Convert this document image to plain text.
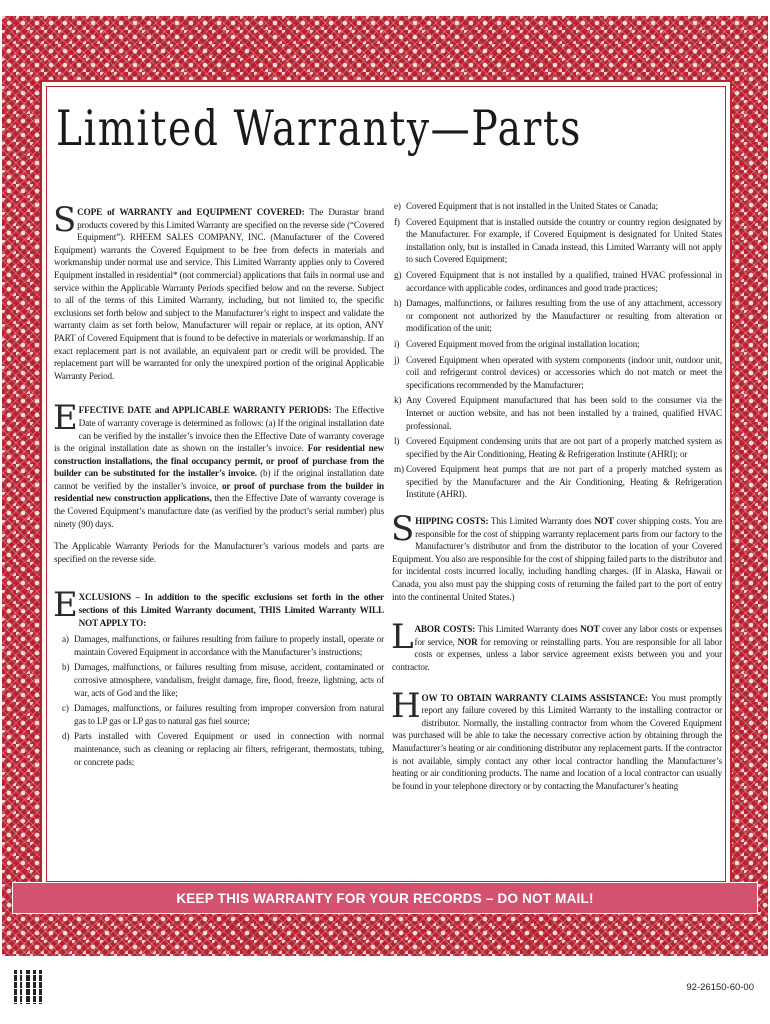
Limited Warranty—Parts
SCOPE of WARRANTY and EQUIPMENT COVERED: The Durastar brand products covered by this Limited Warranty are specified on the reverse side (“Covered Equipment”). RHEEM SALES COMPANY, INC. (Manufacturer of the Covered Equipment) warrants the Covered Equipment to be free from defects in materials and workmanship under normal use and service. This Limited Warranty applies only to Covered Equipment installed in residential* (not commercial) applications that fails in normal use and service within the Applicable Warranty Periods specified below and on the reverse. Subject to all of the terms of this Limited Warranty, including, but not limited to, the specific exclusions set forth below and subject to the Manufacturer’s right to inspect and validate the warranty claim as set forth below, Manufacturer will repair or replace, at its option, ANY PART of Covered Equipment that is found to be defective in materials or workmanship. If an exact replacement part is not available, an equivalent part or credit will be provided. The replacement part will be warranted for only the unexpired portion of the original Applicable Warranty Period.
EFFECTIVE DATE and APPLICABLE WARRANTY PERIODS: The Effective Date of warranty coverage is determined as follows: (a) If the original installation date can be verified by the installer’s invoice then the Effective Date of warranty coverage is the original installation date as shown on the installer’s invoice. For residential new construction installations, the final occupancy permit, or proof of purchase from the builder can be substituted for the installer’s invoice. (b) if the original installation date cannot be verified by the installer’s invoice, or proof of purchase from the builder in residential new construction applications, then the Effective Date of warranty coverage is the Covered Equipment’s manufacture date (as verified by the product’s serial number) plus ninety (90) days.
The Applicable Warranty Periods for the Manufacturer’s various models and parts are specified on the reverse side.
EXCLUSIONS – In addition to the specific exclusions set forth in the other sections of this Limited Warranty document, THIS Limited Warranty WILL NOT APPLY TO:
a) Damages, malfunctions, or failures resulting from failure to properly install, operate or maintain Covered Equipment in accordance with the Manufacturer’s instructions;
b) Damages, malfunctions, or failures resulting from misuse, accident, contaminated or corrosive atmosphere, vandalism, freight damage, fire, flood, freeze, lightning, acts of war, acts of God and the like;
c) Damages, malfunctions, or failures resulting from improper conversion from natural gas to LP gas or LP gas to natural gas fuel source;
d) Parts installed with Covered Equipment or used in connection with normal maintenance, such as cleaning or replacing air filters, refrigerant, thermostats, tubing, or concrete pads;
e) Covered Equipment that is not installed in the United States or Canada;
f) Covered Equipment that is installed outside the country or country region designated by the Manufacturer. For example, if Covered Equipment is designated for United States installation only, but is installed in Canada instead, this Limited Warranty will not apply to such Covered Equipment;
g) Covered Equipment that is not installed by a qualified, trained HVAC professional in accordance with applicable codes, ordinances and good trade practices;
h) Damages, malfunctions, or failures resulting from the use of any attachment, accessory or component not authorized by the Manufacturer or resulting from alteration or modification of the unit;
i) Covered Equipment moved from the original installation location;
j) Covered Equipment when operated with system components (indoor unit, outdoor unit, coil and refrigerant control devices) or accessories which do not match or meet the specifications recommended by the Manufacturer;
k) Any Covered Equipment manufactured that has been sold to the consumer via the Internet or auction website, and has not been installed by a trained, qualified HVAC professional.
l) Covered Equipment condensing units that are not part of a properly matched system as specified by the Air Conditioning, Heating & Refrigeration Institute (AHRI); or
m) Covered Equipment heat pumps that are not part of a properly matched system as specified by the Manufacturer and the Air Conditioning, Heating & Refrigeration Institute (AHRI).
SHIPPING COSTS: This Limited Warranty does NOT cover shipping costs. You are responsible for the cost of shipping warranty replacement parts from our factory to the Manufacturer’s distributor and from the distributor to the location of your Covered Equipment. You also are responsible for the cost of shipping failed parts to the distributor and for incidental costs incurred locally, including handling charges. (If in Alaska, Hawaii or Canada, you also must pay the shipping costs of returning the failed part to the port of entry into the continental United States.)
LABOR COSTS: This Limited Warranty does NOT cover any labor costs or expenses for service, NOR for removing or reinstalling parts. You are responsible for all labor costs or expenses, unless a labor service agreement exists between you and your contractor.
HOW TO OBTAIN WARRANTY CLAIMS ASSISTANCE: You must promptly report any failure covered by this Limited Warranty to the installing contractor or distributor. Normally, the installing contractor from whom the Covered Equipment was purchased will be able to take the necessary corrective action by obtaining through the Manufacturer’s heating or air conditioning distributor any replacement parts. If the contractor is not available, simply contact any other local contractor handling the Manufacturer’s heating or air conditioning products. The name and location of a local contractor can usually be found in your telephone directory or by contacting the Manufacturer’s heating
KEEP THIS WARRANTY FOR YOUR RECORDS – DO NOT MAIL!
92-26150-60-00
